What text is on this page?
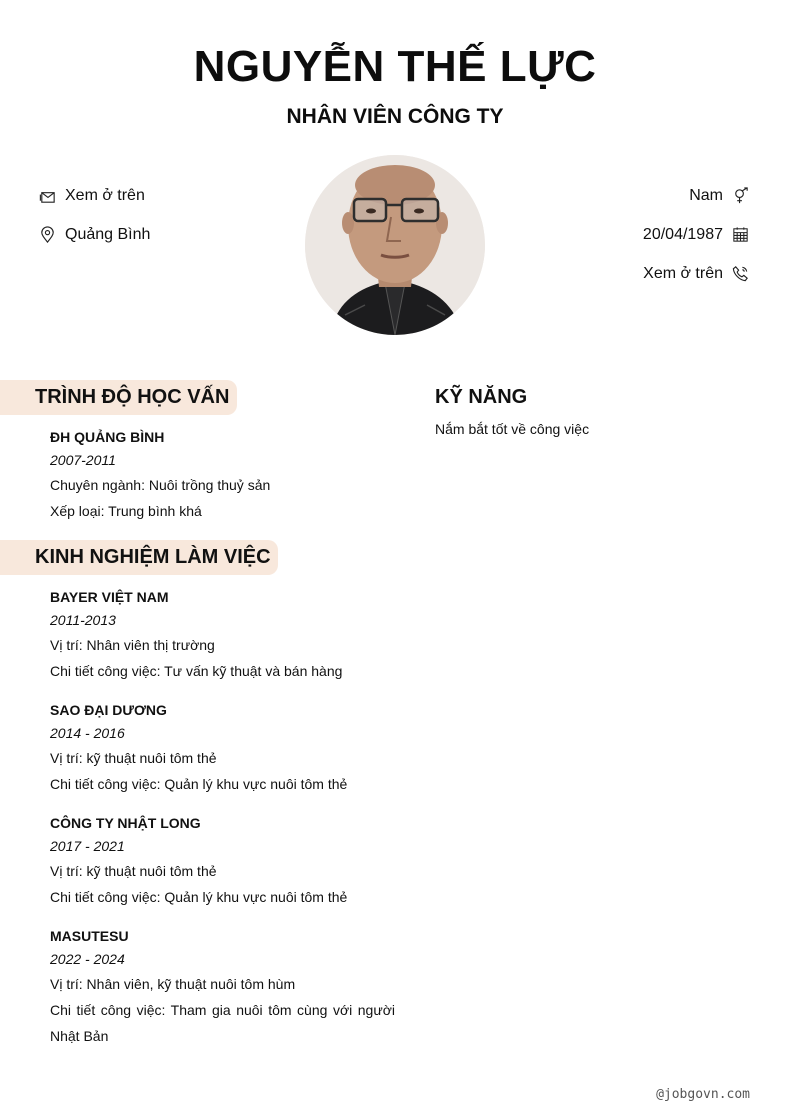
NGUYỄN THẾ LỰC
NHÂN VIÊN CÔNG TY
Xem ở trên
Quảng Bình
Nam
20/04/1987
Xem ở trên
TRÌNH ĐỘ HỌC VẤN
ĐH QUẢNG BÌNH
2007-2011
Chuyên ngành: Nuôi trồng thuỷ sản
Xếp loại: Trung bình khá
KINH NGHIỆM LÀM VIỆC
BAYER VIỆT NAM
2011-2013
Vị trí: Nhân viên thị trường
Chi tiết công việc: Tư vấn kỹ thuật và bán hàng
SAO ĐẠI DƯƠNG
2014 - 2016
Vị trí: kỹ thuật nuôi tôm thẻ
Chi tiết công việc: Quản lý khu vực nuôi tôm thẻ
CÔNG TY NHẬT LONG
2017 - 2021
Vị trí: kỹ thuật nuôi tôm thẻ
Chi tiết công việc: Quản lý khu vực nuôi tôm thẻ
MASUTESU
2022 - 2024
Vị trí: Nhân viên, kỹ thuật nuôi tôm hùm
Chi tiết công việc: Tham gia nuôi tôm cùng với người Nhật Bản
KỸ NĂNG
Nắm bắt tốt về công việc
@jobgovn.com
